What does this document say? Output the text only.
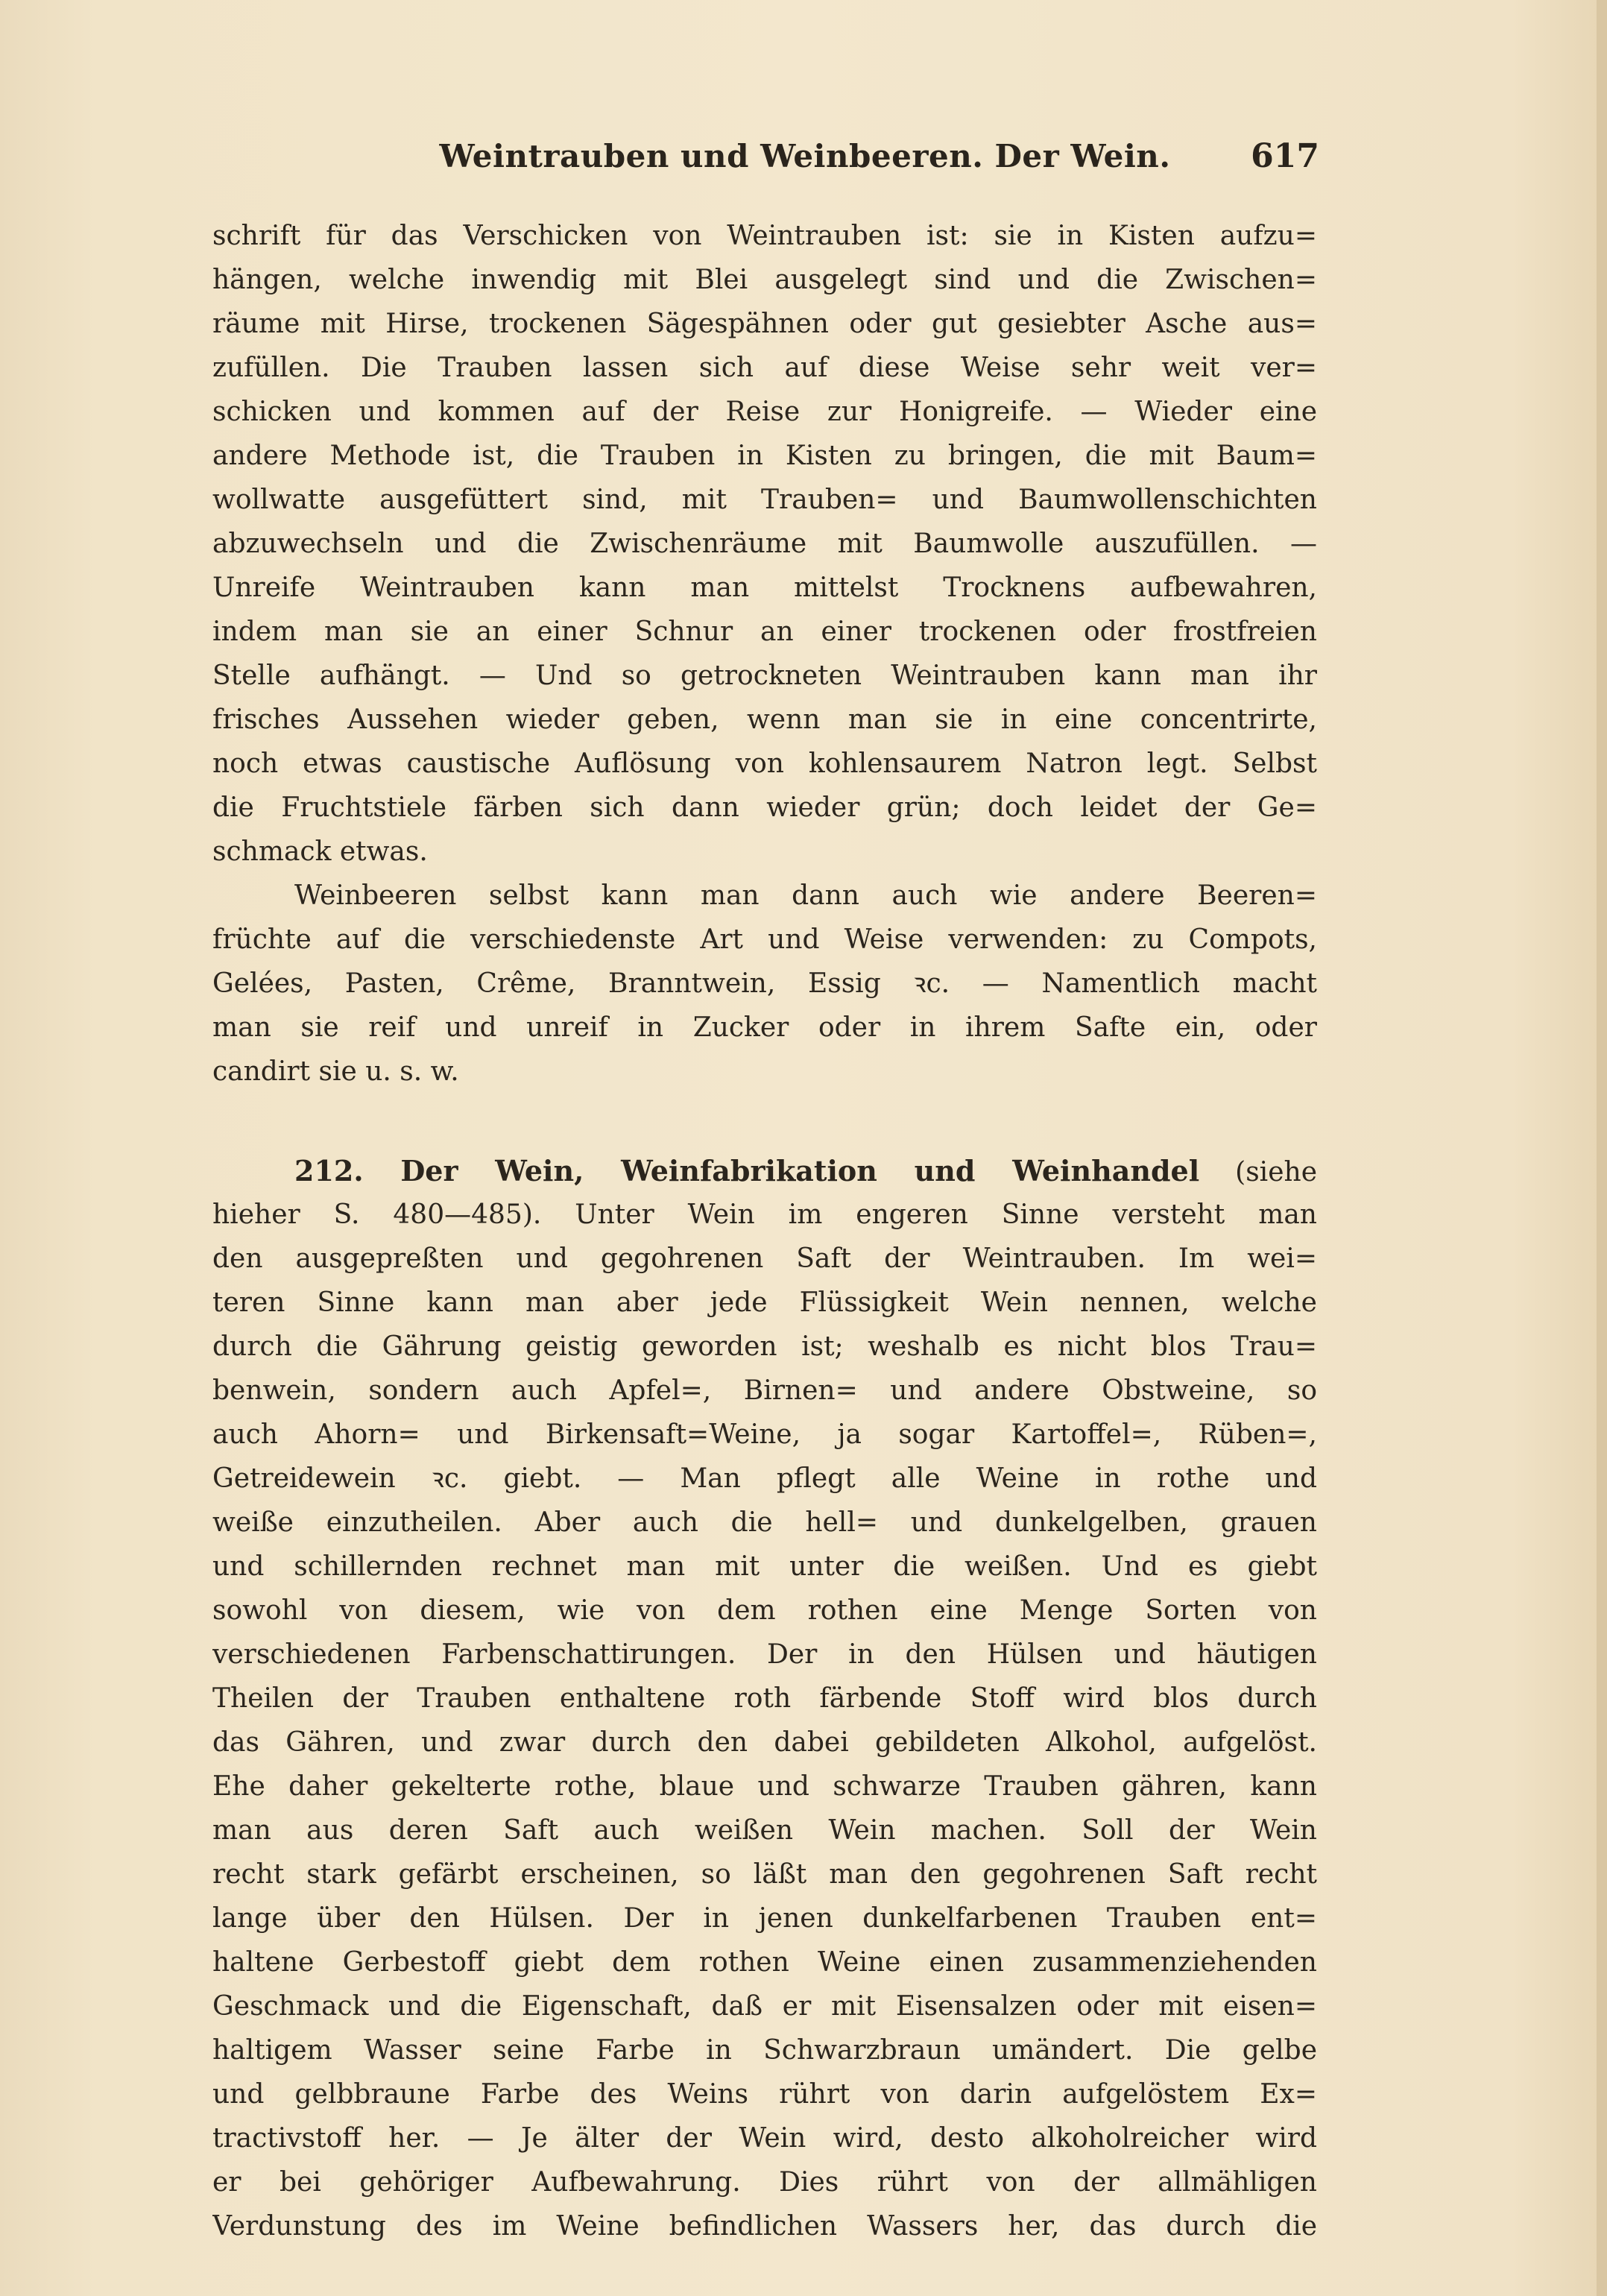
Weintrauben und Weinbeeren. Der Wein.	617
schrift für das Verschicken von Weintrauben ist: sie in Kisten aufzu=
hängen, welche inwendig mit Blei ausgelegt sind und die Zwischen=
räume mit Hirse, trockenen Sägespähnen oder gut gesiebter Asche aus=
zufüllen. Die Trauben lassen sich auf diese Weise sehr weit ver=
schicken und kommen auf der Reise zur Honigreife. — Wieder eine
andere Methode ist, die Trauben in Kisten zu bringen, die mit Baum=
wollwatte ausgefüttert sind, mit Trauben= und Baumwollenschichten
abzuwechseln und die Zwischenräume mit Baumwolle auszufüllen. —
Unreife Weintrauben kann man mittelst Trocknens aufbewahren,
indem man sie an einer Schnur an einer trockenen oder frostfreien
Stelle aufhängt. — Und so getrockneten Weintrauben kann man ihr
frisches Aussehen wieder geben, wenn man sie in eine concentrirte,
noch etwas caustische Auflösung von kohlensaurem Natron legt. Selbst
die Fruchtstiele färben sich dann wieder grün; doch leidet der Ge=
schmack etwas.
Weinbeeren selbst kann man dann auch wie andere Beeren=
früchte auf die verschiedenste Art und Weise verwenden: zu Compots,
Gelées, Pasten, Crême, Branntwein, Essig ꝛc. — Namentlich macht
man sie reif und unreif in Zucker oder in ihrem Safte ein, oder
candirt sie u. s. w.
212. Der Wein, Weinfabrikation und Weinhandel (siehe
hieher S. 480—485). Unter Wein im engeren Sinne versteht man
den ausgepreßten und gegohrenen Saft der Weintrauben. Im wei=
teren Sinne kann man aber jede Flüssigkeit Wein nennen, welche
durch die Gährung geistig geworden ist; weshalb es nicht blos Trau=
benwein, sondern auch Apfel=, Birnen= und andere Obstweine, so
auch Ahorn= und Birkensaft=Weine, ja sogar Kartoffel=, Rüben=,
Getreidewein ꝛc. giebt. — Man pflegt alle Weine in rothe und
weiße einzutheilen. Aber auch die hell= und dunkelgelben, grauen
und schillernden rechnet man mit unter die weißen. Und es giebt
sowohl von diesem, wie von dem rothen eine Menge Sorten von
verschiedenen Farbenschattirungen. Der in den Hülsen und häutigen
Theilen der Trauben enthaltene roth färbende Stoff wird blos durch
das Gähren, und zwar durch den dabei gebildeten Alkohol, aufgelöst.
Ehe daher gekelterte rothe, blaue und schwarze Trauben gähren, kann
man aus deren Saft auch weißen Wein machen. Soll der Wein
recht stark gefärbt erscheinen, so läßt man den gegohrenen Saft recht
lange über den Hülsen. Der in jenen dunkelfarbenen Trauben ent=
haltene Gerbestoff giebt dem rothen Weine einen zusammenziehenden
Geschmack und die Eigenschaft, daß er mit Eisensalzen oder mit eisen=
haltigem Wasser seine Farbe in Schwarzbraun umändert. Die gelbe
und gelbbraune Farbe des Weins rührt von darin aufgelöstem Ex=
tractivstoff her. — Je älter der Wein wird, desto alkoholreicher wird
er bei gehöriger Aufbewahrung. Dies rührt von der allmähligen
Verdunstung des im Weine befindlichen Wassers her, das durch die
